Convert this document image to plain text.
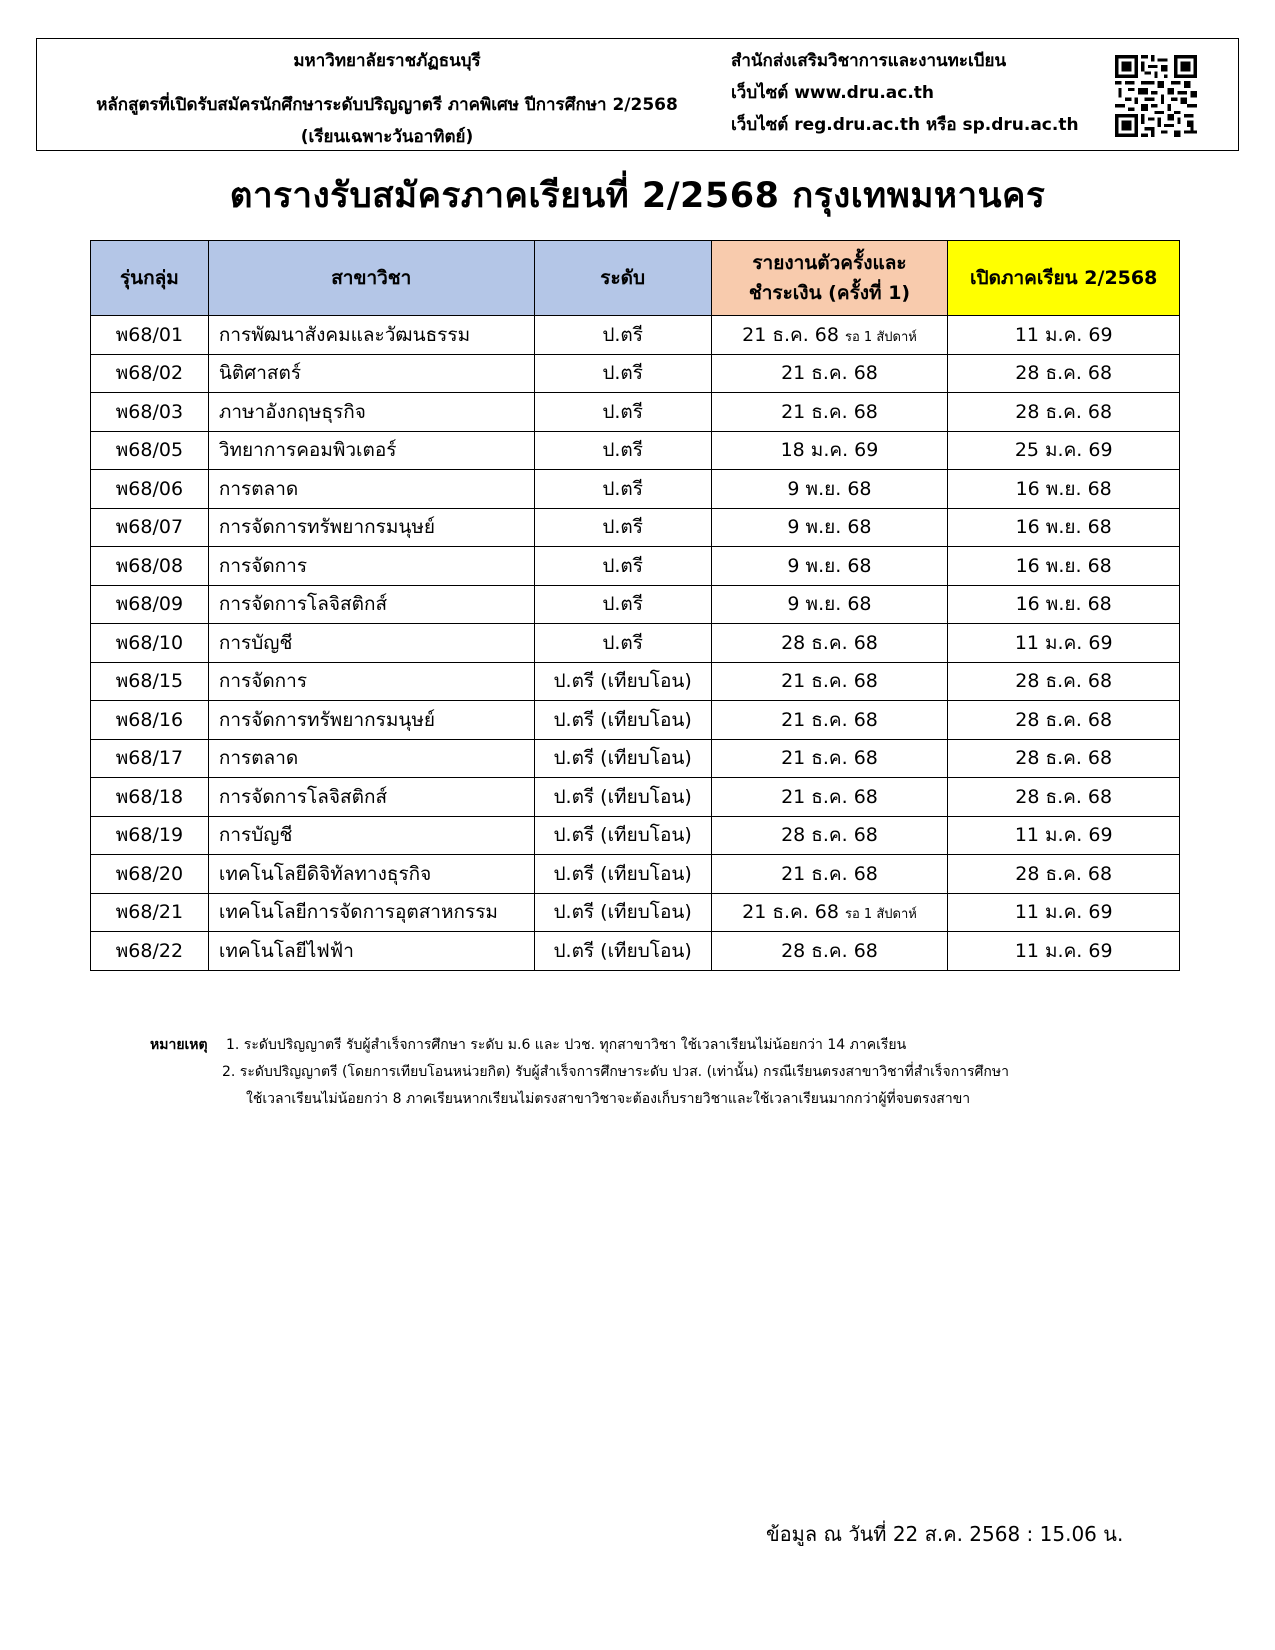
มหาวิทยาลัยราชภัฏธนบุรี
หลักสูตรที่เปิดรับสมัครนักศึกษาระดับปริญญาตรี ภาคพิเศษ ปีการศึกษา 2/2568
(เรียนเฉพาะวันอาทิตย์)
สำนักส่งเสริมวิชาการและงานทะเบียน
เว็บไซต์ www.dru.ac.th
เว็บไซต์ reg.dru.ac.th หรือ sp.dru.ac.th
ตารางรับสมัครภาคเรียนที่ 2/2568 กรุงเทพมหานคร
รุ่นกลุ่ม	สาขาวิชา	ระดับ	รายงานตัวครั้งและ
ชำระเงิน (ครั้งที่ 1)	เปิดภาคเรียน 2/2568
พ68/01	การพัฒนาสังคมและวัฒนธรรม	ป.ตรี	21 ธ.ค. 68 รอ 1 สัปดาห์	11 ม.ค. 69
พ68/02	นิติศาสตร์	ป.ตรี	21 ธ.ค. 68	28 ธ.ค. 68
พ68/03	ภาษาอังกฤษธุรกิจ	ป.ตรี	21 ธ.ค. 68	28 ธ.ค. 68
พ68/05	วิทยาการคอมพิวเตอร์	ป.ตรี	18 ม.ค. 69	25 ม.ค. 69
พ68/06	การตลาด	ป.ตรี	9 พ.ย. 68	16 พ.ย. 68
พ68/07	การจัดการทรัพยากรมนุษย์	ป.ตรี	9 พ.ย. 68	16 พ.ย. 68
พ68/08	การจัดการ	ป.ตรี	9 พ.ย. 68	16 พ.ย. 68
พ68/09	การจัดการโลจิสติกส์	ป.ตรี	9 พ.ย. 68	16 พ.ย. 68
พ68/10	การบัญชี	ป.ตรี	28 ธ.ค. 68	11 ม.ค. 69
พ68/15	การจัดการ	ป.ตรี (เทียบโอน)	21 ธ.ค. 68	28 ธ.ค. 68
พ68/16	การจัดการทรัพยากรมนุษย์	ป.ตรี (เทียบโอน)	21 ธ.ค. 68	28 ธ.ค. 68
พ68/17	การตลาด	ป.ตรี (เทียบโอน)	21 ธ.ค. 68	28 ธ.ค. 68
พ68/18	การจัดการโลจิสติกส์	ป.ตรี (เทียบโอน)	21 ธ.ค. 68	28 ธ.ค. 68
พ68/19	การบัญชี	ป.ตรี (เทียบโอน)	28 ธ.ค. 68	11 ม.ค. 69
พ68/20	เทคโนโลยีดิจิทัลทางธุรกิจ	ป.ตรี (เทียบโอน)	21 ธ.ค. 68	28 ธ.ค. 68
พ68/21	เทคโนโลยีการจัดการอุตสาหกรรม	ป.ตรี (เทียบโอน)	21 ธ.ค. 68 รอ 1 สัปดาห์	11 ม.ค. 69
พ68/22	เทคโนโลยีไฟฟ้า	ป.ตรี (เทียบโอน)	28 ธ.ค. 68	11 ม.ค. 69
หมายเหตุ 1. ระดับปริญญาตรี รับผู้สำเร็จการศึกษา ระดับ ม.6 และ ปวช. ทุกสาขาวิชา ใช้เวลาเรียนไม่น้อยกว่า 14 ภาคเรียน
2. ระดับปริญญาตรี (โดยการเทียบโอนหน่วยกิต) รับผู้สำเร็จการศึกษาระดับ ปวส. (เท่านั้น) กรณีเรียนตรงสาขาวิชาที่สำเร็จการศึกษา
ใช้เวลาเรียนไม่น้อยกว่า 8 ภาคเรียนหากเรียนไม่ตรงสาขาวิชาจะต้องเก็บรายวิชาและใช้เวลาเรียนมากกว่าผู้ที่จบตรงสาขา
ข้อมูล ณ วันที่ 22 ส.ค. 2568 : 15.06 น.
